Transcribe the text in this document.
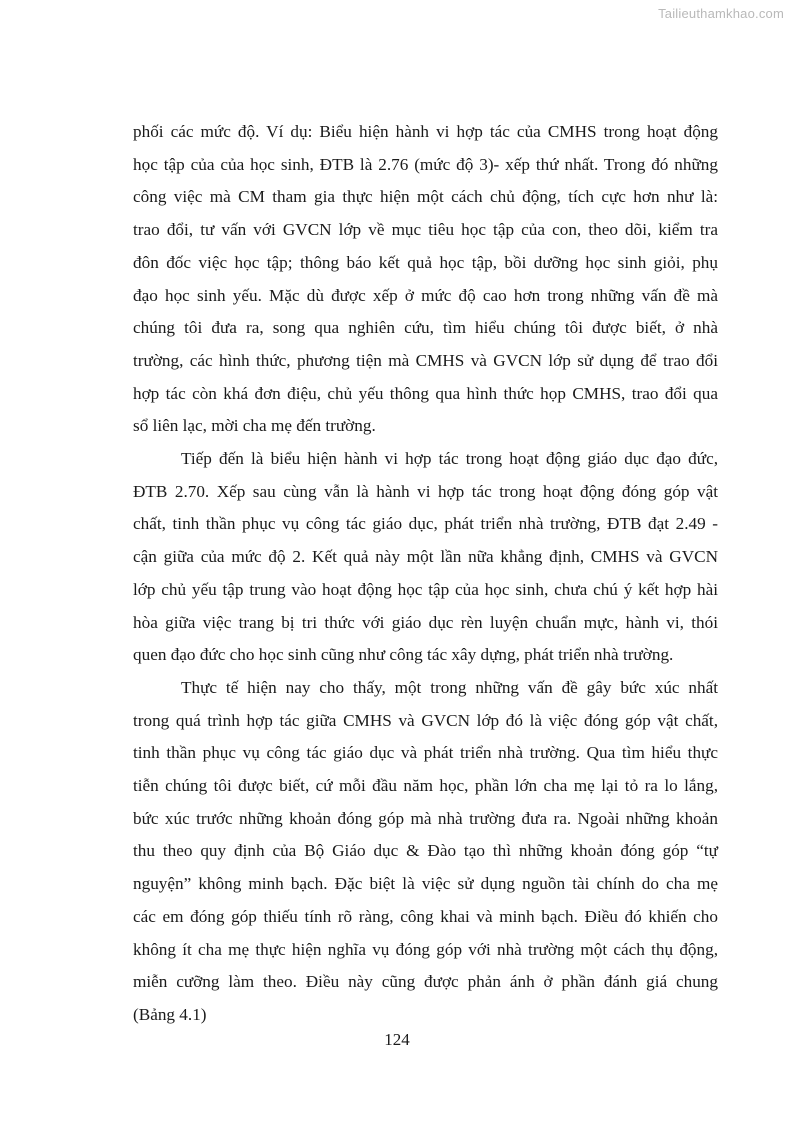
Tailieuthamkhao.com

phối các mức độ. Ví dụ: Biểu hiện hành vi hợp tác của CMHS trong hoạt động

học tập của của học sinh, ĐTB là 2.76 (mức độ 3)- xếp thứ nhất. Trong đó những

công việc mà CM tham gia thực hiện một cách chủ động, tích cực hơn như là:

trao đổi, tư vấn với GVCN lớp về mục tiêu học tập của con, theo dõi, kiểm tra

đôn đốc việc học tập; thông báo kết quả học tập, bồi dưỡng học sinh giỏi, phụ

đạo học sinh yếu. Mặc dù được xếp ở mức độ cao hơn trong những vấn đề mà

chúng tôi đưa ra, song qua nghiên cứu, tìm hiểu chúng tôi được biết, ở nhà

trường, các hình thức, phương tiện mà CMHS và GVCN lớp sử dụng để trao đổi

hợp tác còn khá đơn điệu, chủ yếu thông qua hình thức họp CMHS, trao đổi qua

sổ liên lạc, mời cha mẹ đến trường.

Tiếp đến là biểu hiện hành vi hợp tác trong hoạt động giáo dục đạo đức,

ĐTB 2.70. Xếp sau cùng vẫn là hành vi hợp tác trong hoạt động đóng góp vật

chất, tinh thần phục vụ công tác giáo dục, phát triển nhà trường, ĐTB đạt 2.49 -

cận giữa của mức độ 2. Kết quả này một lần nữa khẳng định, CMHS và GVCN

lớp chủ yếu tập trung vào hoạt động học tập của học sinh, chưa chú ý kết hợp hài

hòa giữa việc trang bị tri thức với giáo dục rèn luyện chuẩn mực, hành vi, thói

quen đạo đức cho học sinh cũng như công tác xây dựng, phát triển nhà trường.

Thực tế hiện nay cho thấy, một trong những vấn đề gây bức xúc nhất

trong quá trình hợp tác giữa CMHS và GVCN lớp đó là việc đóng góp vật chất,

tinh thần phục vụ công tác giáo dục và phát triển nhà trường. Qua tìm hiểu thực

tiễn chúng tôi được biết, cứ mỗi đầu năm học, phần lớn cha mẹ lại tỏ ra lo lắng,

bức xúc trước những khoản đóng góp mà nhà trường đưa ra. Ngoài những khoản

thu theo quy định của Bộ Giáo dục & Đào tạo thì những khoản đóng góp “tự

nguyện” không minh bạch. Đặc biệt là việc sử dụng nguồn tài chính do cha mẹ

các em đóng góp thiếu tính rõ ràng, công khai và minh bạch. Điều đó khiến cho

không ít cha mẹ thực hiện nghĩa vụ đóng góp với nhà trường một cách thụ động,

miễn cưỡng làm theo. Điều này cũng được phản ánh ở phần đánh giá chung

(Bảng 4.1)

124
